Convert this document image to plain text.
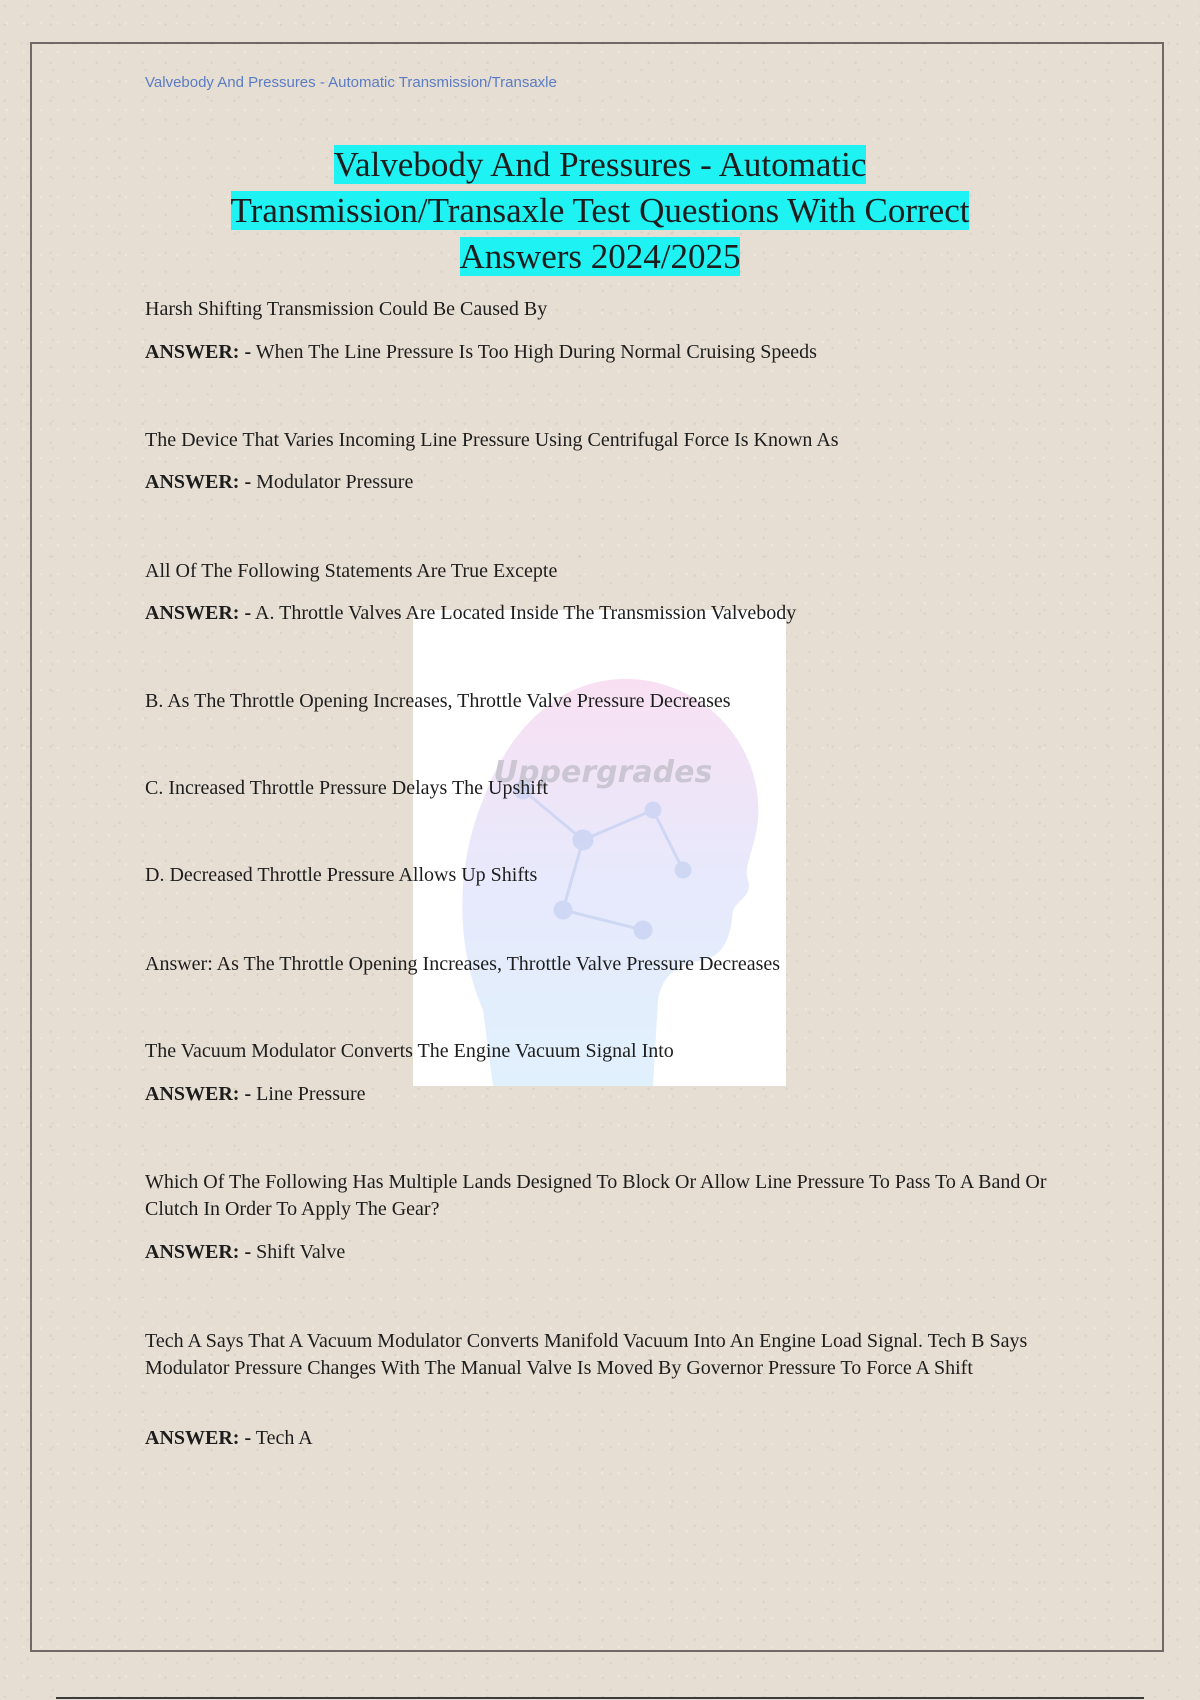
Valvebody And Pressures - Automatic Transmission/Transaxle
Valvebody And Pressures - Automatic
Transmission/Transaxle Test Questions With Correct
Answers 2024/2025
Uppergrades

Harsh Shifting Transmission Could Be Caused By

ANSWER: - When The Line Pressure Is Too High During Normal Cruising Speeds

The Device That Varies Incoming Line Pressure Using Centrifugal Force Is Known As

ANSWER: - Modulator Pressure

All Of The Following Statements Are True Excepte

ANSWER: - A. Throttle Valves Are Located Inside The Transmission Valvebody

B. As The Throttle Opening Increases, Throttle Valve Pressure Decreases

C. Increased Throttle Pressure Delays The Upshift

D. Decreased Throttle Pressure Allows Up Shifts

Answer: As The Throttle Opening Increases, Throttle Valve Pressure Decreases

The Vacuum Modulator Converts The Engine Vacuum Signal Into

ANSWER: - Line Pressure

Which Of The Following Has Multiple Lands Designed To Block Or Allow Line Pressure To Pass To A Band Or Clutch In Order To Apply The Gear?

ANSWER: - Shift Valve

Tech A Says That A Vacuum Modulator Converts Manifold Vacuum Into An Engine Load Signal. Tech B Says Modulator Pressure Changes With The Manual Valve Is Moved By Governor Pressure To Force A Shift

ANSWER: - Tech A
